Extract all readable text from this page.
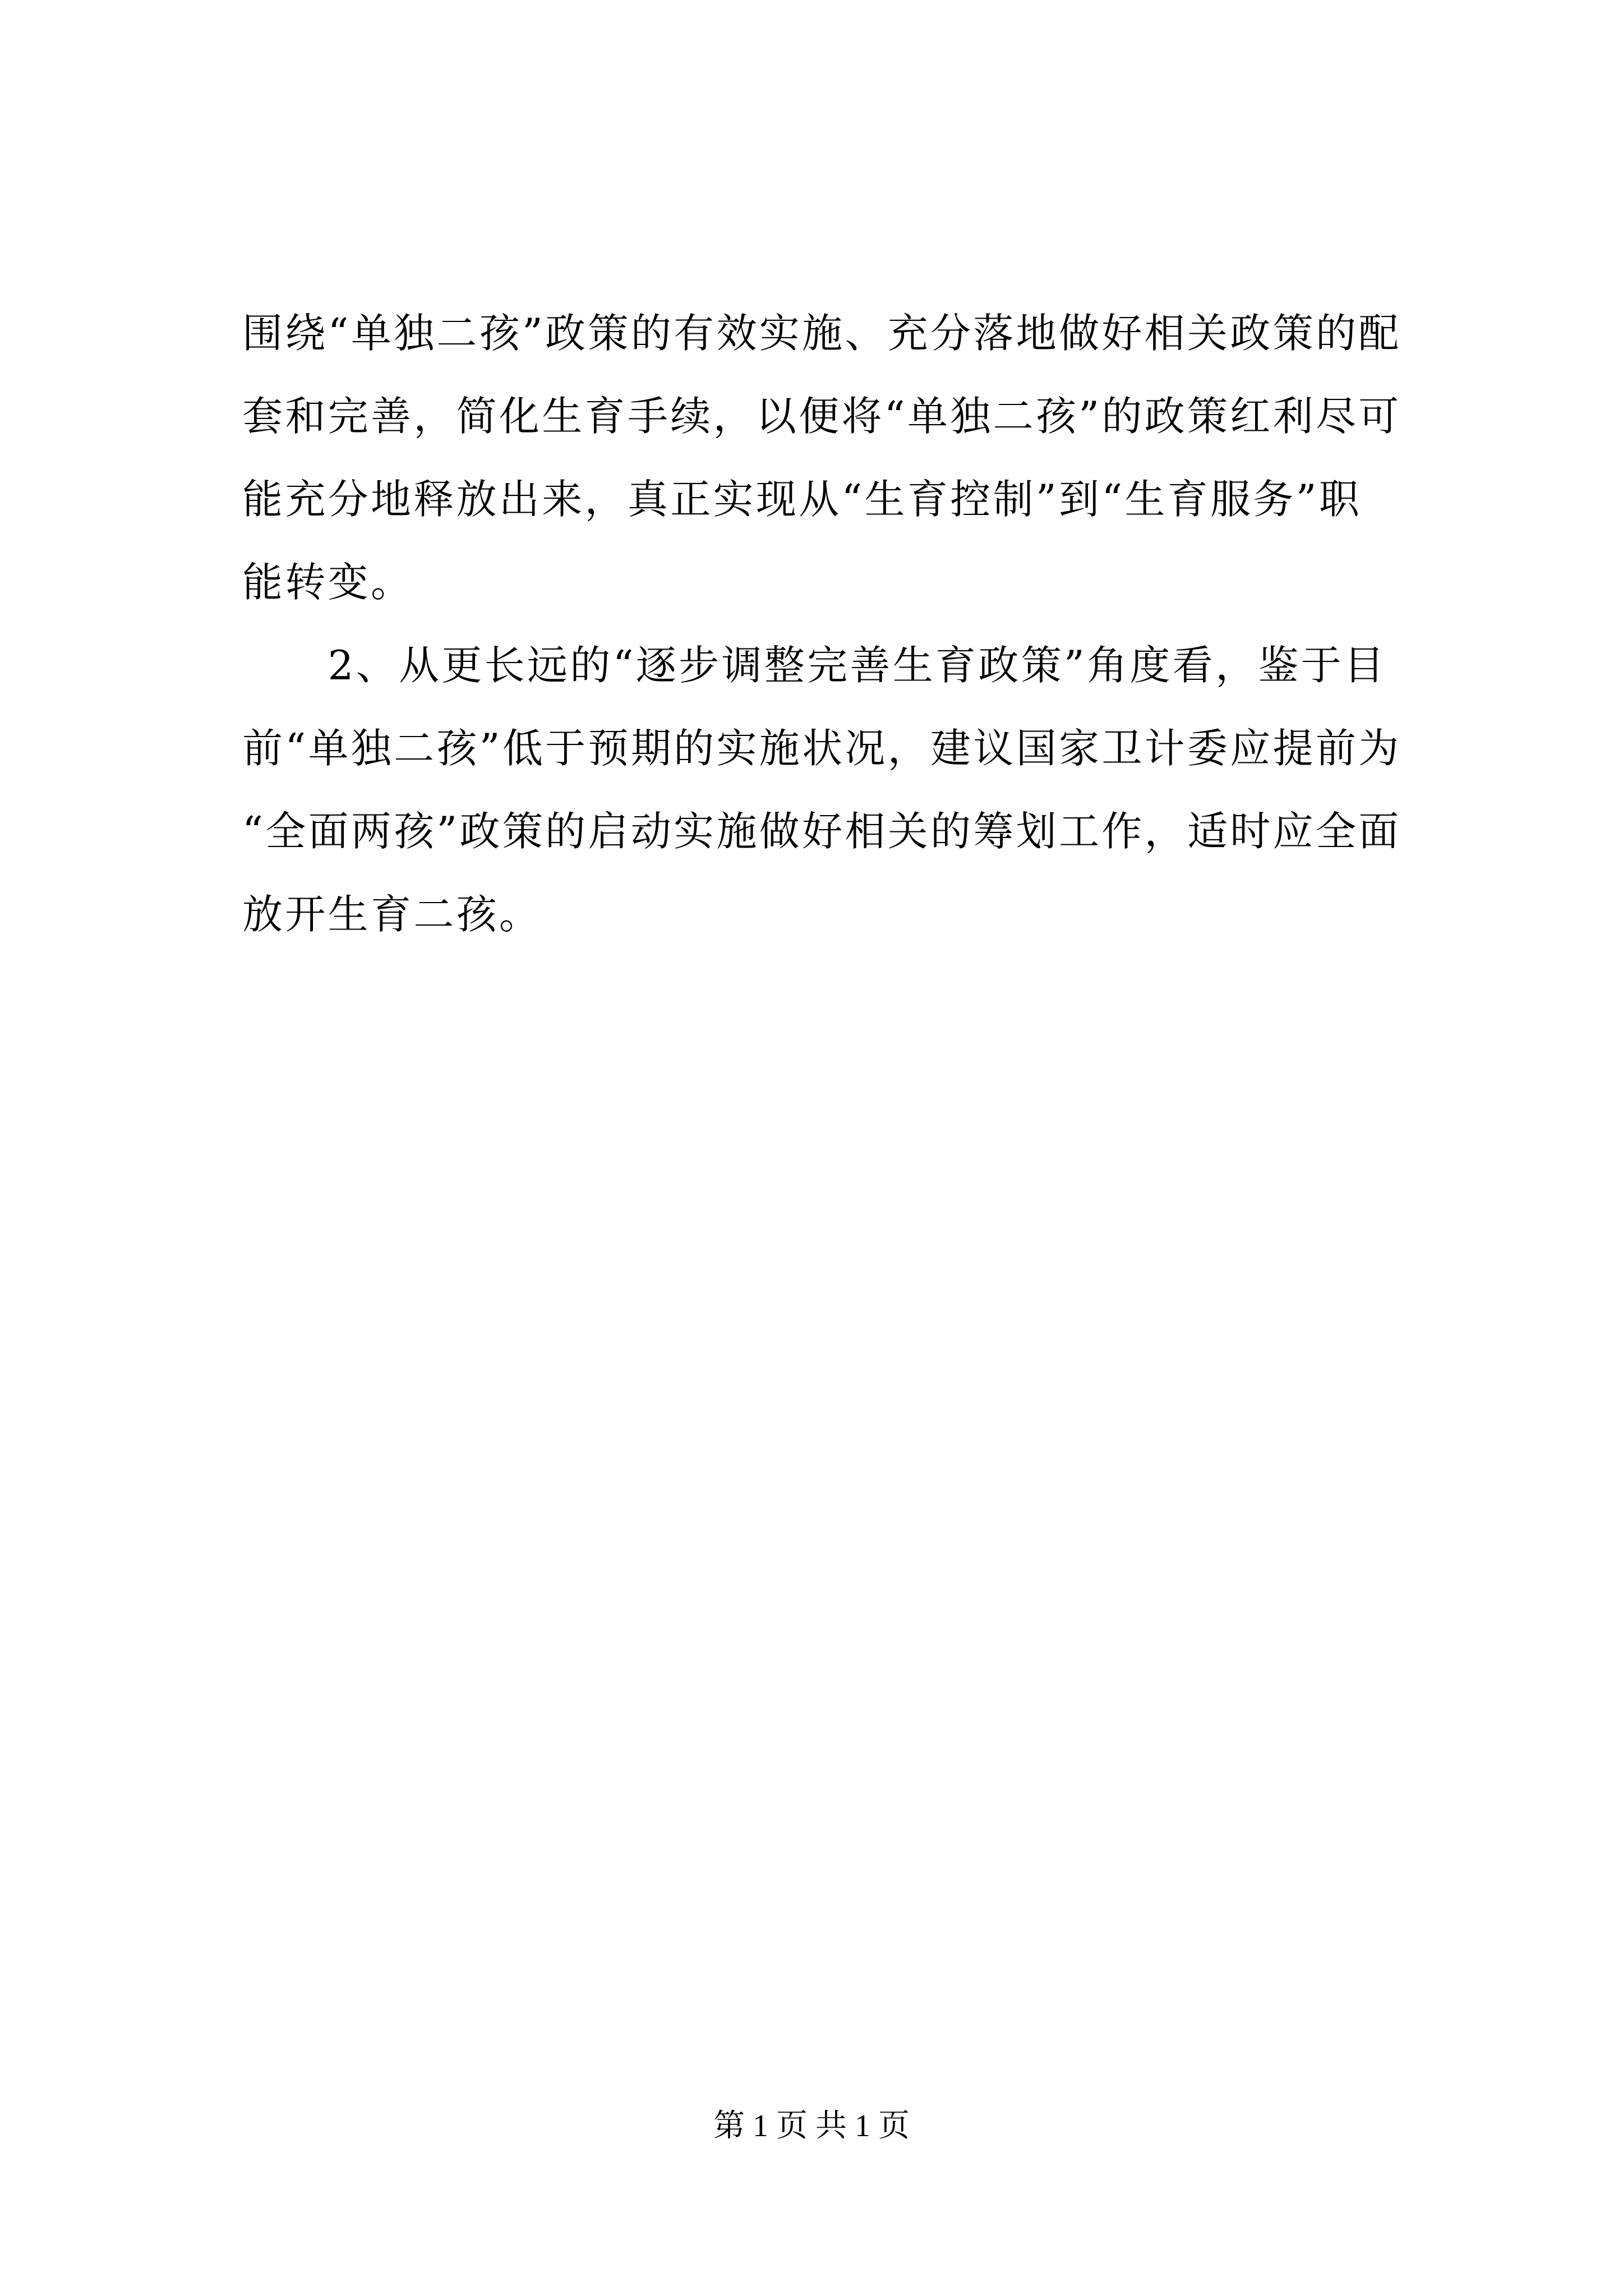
围绕“单独二孩”政策的有效实施、充分落地做好相关政策的配
套和完善，简化生育手续，以便将“单独二孩”的政策红利尽可
能充分地释放出来，真正实现从“生育控制”到“生育服务”职
能转变。
　　2、从更长远的“逐步调整完善生育政策”角度看，鉴于目
前“单独二孩”低于预期的实施状况，建议国家卫计委应提前为
“全面两孩”政策的启动实施做好相关的筹划工作，适时应全面
放开生育二孩。
第 1 页 共 1 页
